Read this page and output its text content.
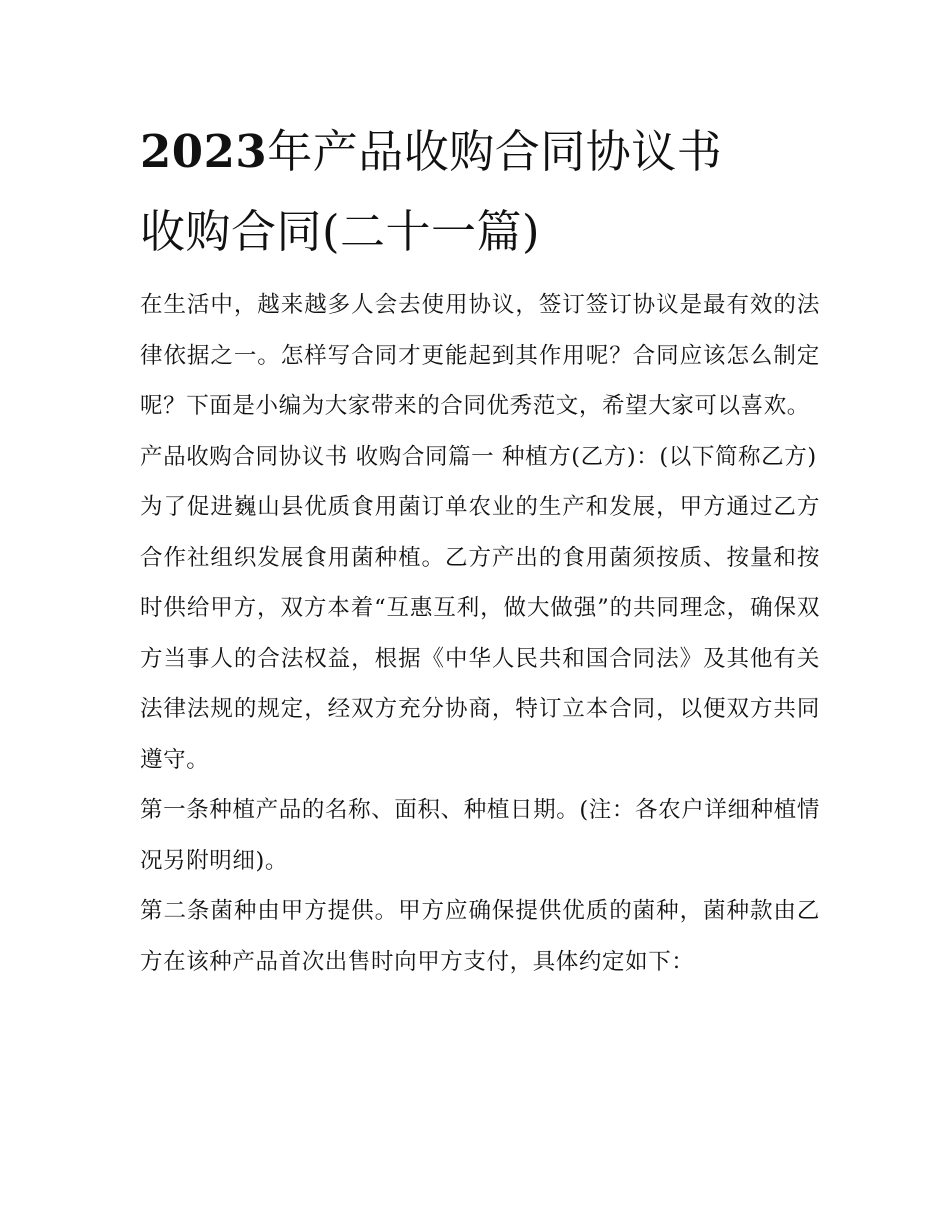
2023年产品收购合同协议书
收购合同(二十一篇)

在生活中，越来越多人会去使用协议，签订签订协议是最有效的法律依据之一。怎样写合同才更能起到其作用呢？合同应该怎么制定呢？下面是小编为大家带来的合同优秀范文，希望大家可以喜欢。

产品收购合同协议书 收购合同篇一 种植方(乙方)：(以下简称乙方)

为了促进巍山县优质食用菌订单农业的生产和发展，甲方通过乙方合作社组织发展食用菌种植。乙方产出的食用菌须按质、按量和按时供给甲方，双方本着“互惠互利，做大做强”的共同理念，确保双方当事人的合法权益，根据《中华人民共和国合同法》及其他有关法律法规的规定，经双方充分协商，特订立本合同，以便双方共同遵守。

第一条种植产品的名称、面积、种植日期。(注：各农户详细种植情况另附明细)。

第二条菌种由甲方提供。甲方应确保提供优质的菌种，菌种款由乙方在该种产品首次出售时向甲方支付，具体约定如下：
